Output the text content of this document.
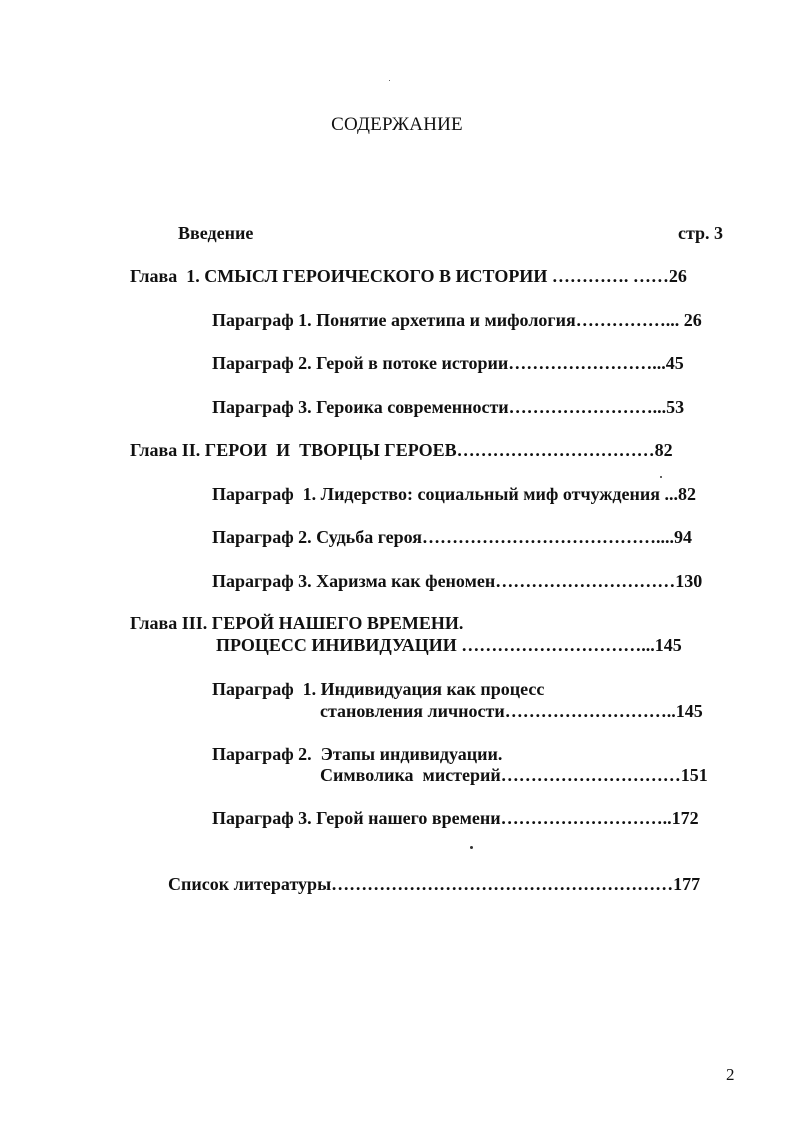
СОДЕРЖАНИЕ
Введение	стр. 3
Глава  1. СМЫСЛ ГЕРОИЧЕСКОГО В ИСТОРИИ …………. ……26
Параграф 1. Понятие архетипа и мифология……………... 26
Параграф 2. Герой в потоке истории……………………...45
Параграф 3. Героика современности……………………...53
Глава II. ГЕРОИ  И  ТВОРЦЫ ГЕРОЕВ……………………………82
Параграф  1. Лидерство: социальный миф отчуждения ...82
Параграф 2. Судьба героя…………………………………....94
Параграф 3. Харизма как феномен…………………………130
Глава III. ГЕРОЙ НАШЕГО ВРЕМЕНИ.
ПРОЦЕСС ИНИВИДУАЦИИ …………………………...145
Параграф  1. Индивидуация как процесс
становления личности………………………..145
Параграф 2.  Этапы индивидуации.
Символика  мистерий…………………………151
Параграф 3. Герой нашего времени………………………..172
Список литературы…………………………………………………177
2
